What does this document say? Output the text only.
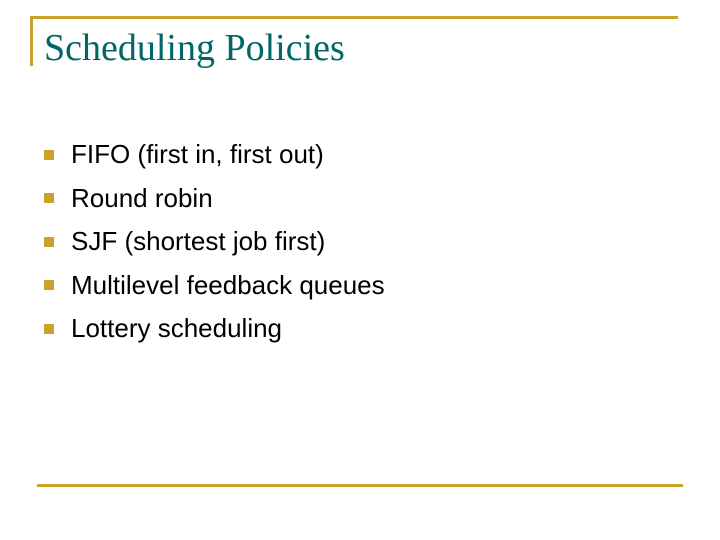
Scheduling Policies
FIFO (first in, first out)
Round robin
SJF (shortest job first)
Multilevel feedback queues
Lottery scheduling
